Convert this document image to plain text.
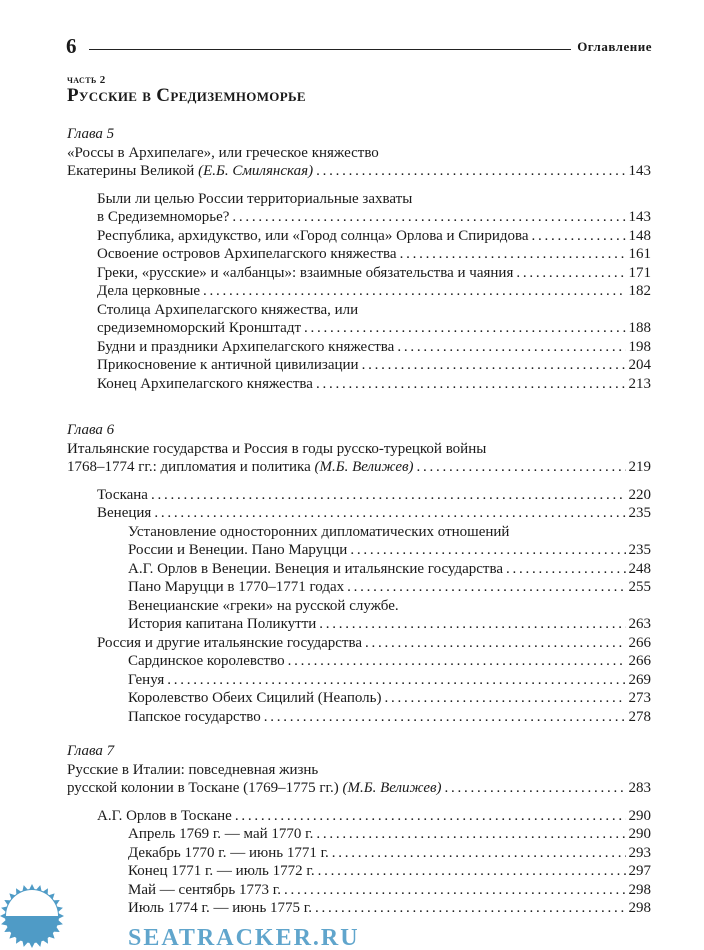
6	Оглавление
часть 2
Русские в Средиземноморье
Глава 5
«Россы в Архипелаге», или греческое княжество
Екатерины Великой
(Е.Б. Смилянская) . . .	143
Были ли целью России территориальные захваты
в Средиземноморье? . . .	143
Республика, архидукство, или «Город солнца» Орлова и Спиридова . . .	148
Освоение островов Архипелагского княжества . . .	161
Греки, «русские» и «албанцы»: взаимные обязательства и чаяния . . .	171
Дела церковные . . .	182
Столица Архипелагского княжества, или
средиземноморский Кронштадт . . .	188
Будни и праздники Архипелагского княжества . . .	198
Прикосновение к античной цивилизации . . .	204
Конец Архипелагского княжества . . .	213
Глава 6
Итальянские государства и Россия в годы русско-турецкой войны
1768–1774 гг.: дипломатия и политика
(М.Б. Велижев) . . .	219
Тоскана . . .	220
Венеция . . .	235
Установление односторонних дипломатических отношений
России и Венеции. Пано Маруцци . . .	235
А.Г. Орлов в Венеции. Венеция и итальянские государства . . .	248
Пано Маруцци в 1770–1771 годах . . .	255
Венецианские «греки» на русской службе.
История капитана Поликутти . . .	263
Россия и другие итальянские государства . . .	266
Сардинское королевство . . .	266
Генуя . . .	269
Королевство Обеих Сицилий (Неаполь) . . .	273
Папское государство . . .	278
Глава 7
Русские в Италии: повседневная жизнь
русской колонии в Тоскане (1769–1775 гг.)
(М.Б. Велижев) . . .	283
А.Г. Орлов в Тоскане . . .	290
Апрель 1769 г. — май 1770 г. . . .	290
Декабрь 1770 г. — июнь 1771 г. . . .	293
Конец 1771 г. — июль 1772 г. . . .	297
Май — сентябрь 1773 г. . . .	298
Июль 1774 г. — июнь 1775 г. . . .	298
SEATRACKER.RU
